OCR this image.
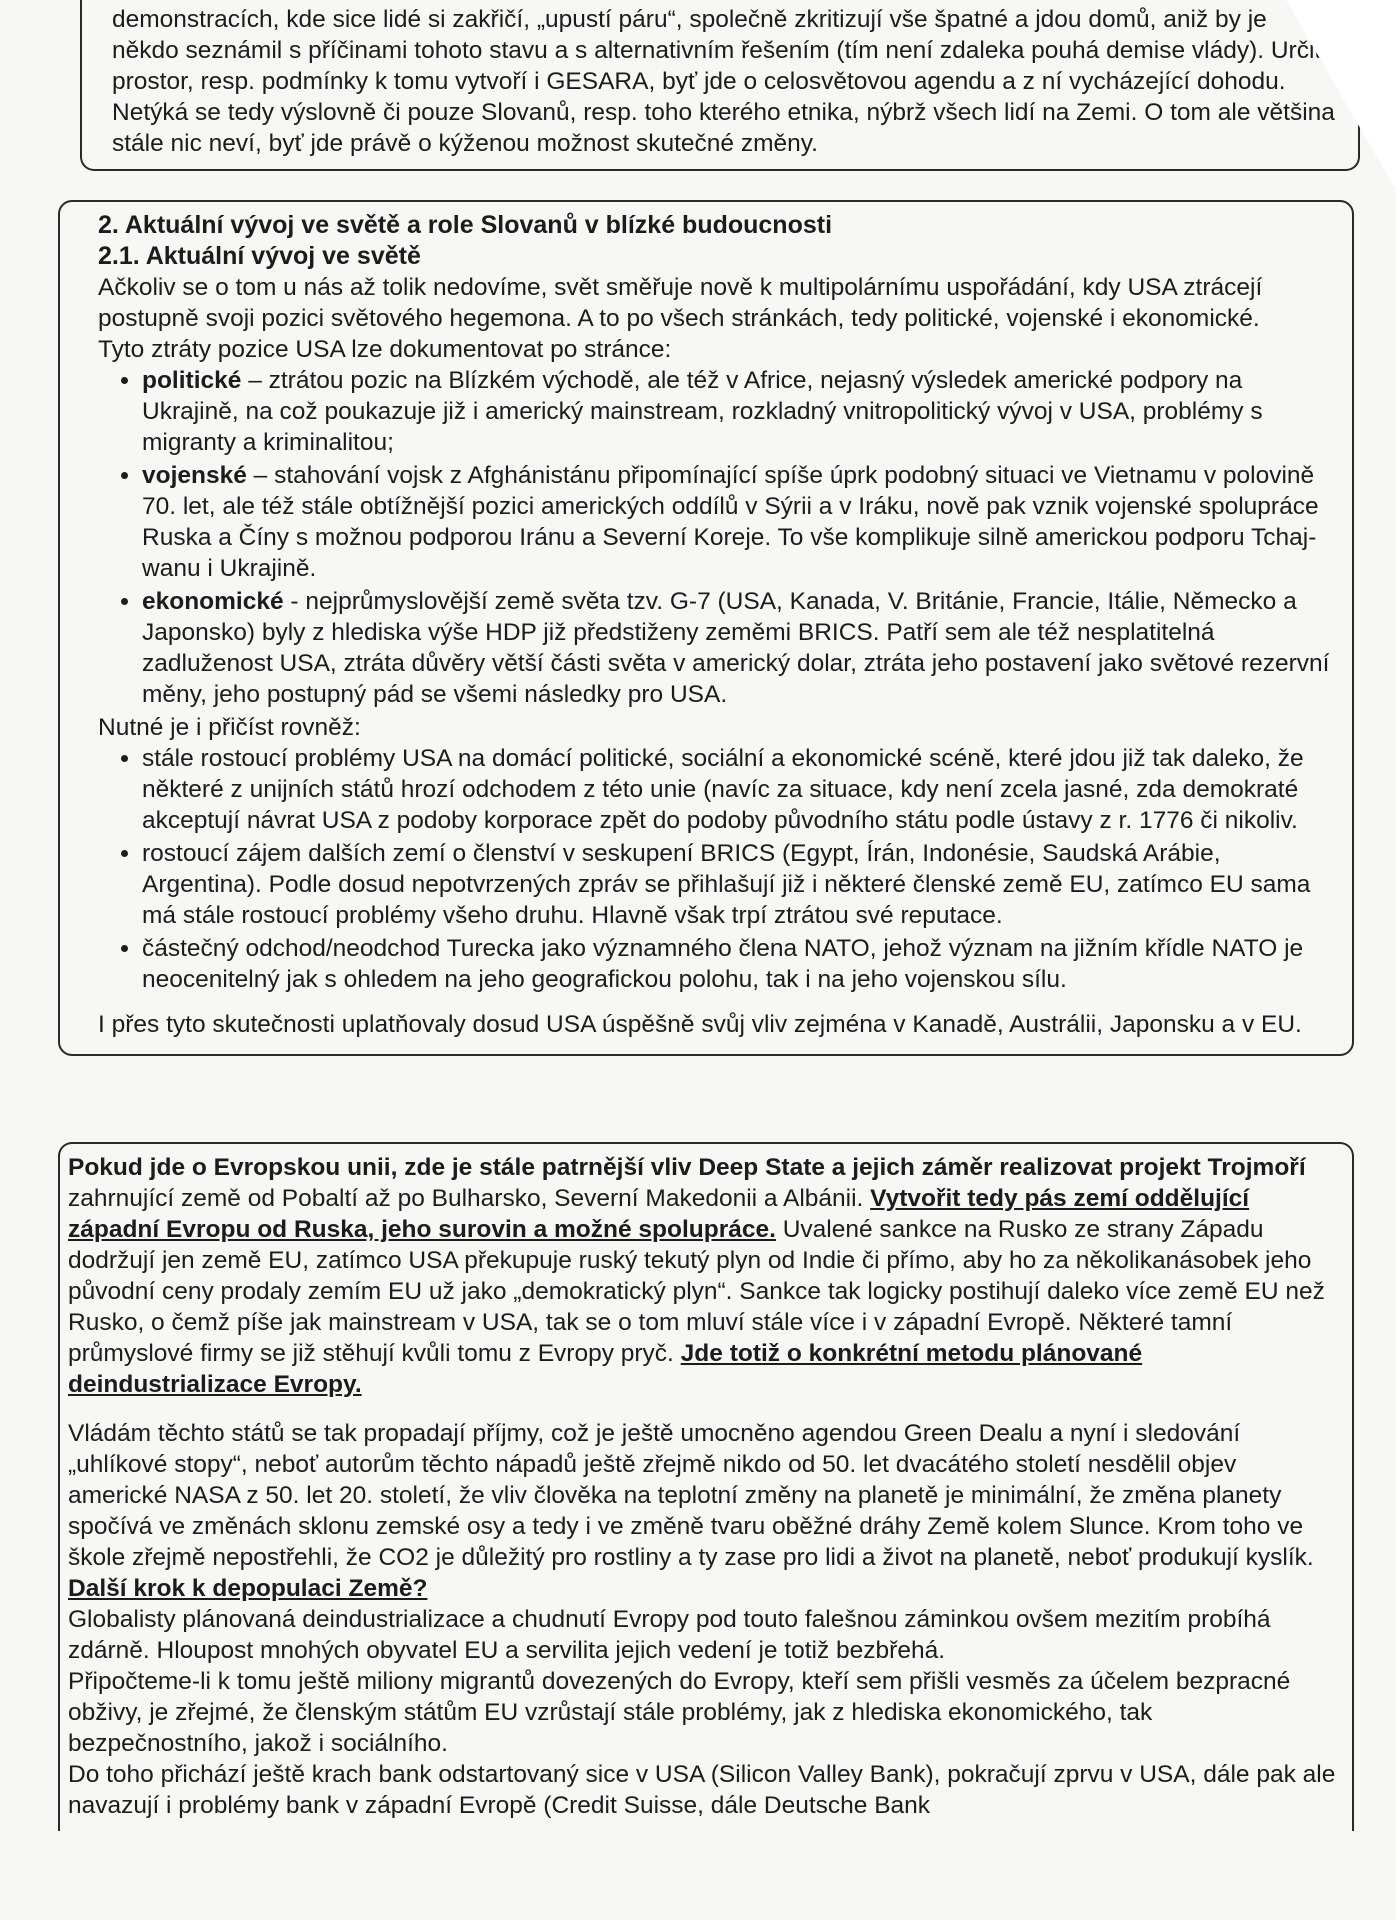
demonstracích, kde sice lidé si zakřičí, „upustí páru“, společně zkritizují vše špatné a jdou domů, aniž by je někdo seznámil s příčinami tohoto stavu a s alternativním řešením (tím není zdaleka pouhá demise vlády). Určitý prostor, resp. podmínky k tomu vytvoří i GESARA, byť jde o celosvětovou agendu a z ní vycházející dohodu. Netýká se tedy výslovně či pouze Slovanů, resp. toho kterého etnika, nýbrž všech lidí na Zemi. O tom ale většina stále nic neví, byť jde právě o kýženou možnost skutečné změny.

2. Aktuální vývoj ve světě a role Slovanů v blízké budoucnosti
2.1. Aktuální vývoj ve světě

Ačkoliv se o tom u nás až tolik nedovíme, svět směřuje nově k multipolárnímu uspořádání, kdy USA ztrácejí postupně svoji pozici světového hegemona. A to po všech stránkách, tedy politické, vojenské i ekonomické.

Tyto ztráty pozice USA lze dokumentovat po stránce:

• politické – ztrátou pozic na Blízkém východě, ale též v Africe, nejasný výsledek americké podpory na Ukrajině, na což poukazuje již i americký mainstream, rozkladný vnitropolitický vývoj v USA, problémy s migranty a kriminalitou;
• vojenské – stahování vojsk z Afghánistánu připomínající spíše úprk podobný situaci ve Vietnamu v polovině 70. let, ale též stále obtížnější pozici amerických oddílů v Sýrii a v Iráku, nově pak vznik vojenské spolupráce Ruska a Číny s možnou podporou Iránu a Severní Koreje. To vše komplikuje silně americkou podporu Tchaj-wanu i Ukrajině.
• ekonomické - nejprůmyslovější země světa tzv. G-7 (USA, Kanada, V. Británie, Francie, Itálie, Německo a Japonsko) byly z hlediska výše HDP již předstiženy zeměmi BRICS. Patří sem ale též nesplatitelná zadluženost USA, ztráta důvěry větší části světa v americký dolar, ztráta jeho postavení jako světové rezervní měny, jeho postupný pád se všemi následky pro USA.

Nutné je i přičíst rovněž:

• stále rostoucí problémy USA na domácí politické, sociální a ekonomické scéně, které jdou již tak daleko, že některé z unijních států hrozí odchodem z této unie (navíc za situace, kdy není zcela jasné, zda demokraté akceptují návrat USA z podoby korporace zpět do podoby původního státu podle ústavy z r. 1776 či nikoliv.
• rostoucí zájem dalších zemí o členství v seskupení BRICS (Egypt, Írán, Indonésie, Saudská Arábie, Argentina). Podle dosud nepotvrzených zpráv se přihlašují již i některé členské země EU, zatímco EU sama má stále rostoucí problémy všeho druhu. Hlavně však trpí ztrátou své reputace.
• částečný odchod/neodchod Turecka jako významného člena NATO, jehož význam na jižním křídle NATO je neocenitelný jak s ohledem na jeho geografickou polohu, tak i na jeho vojenskou sílu.

I přes tyto skutečnosti uplatňovaly dosud USA úspěšně svůj vliv zejména v Kanadě, Austrálii, Japonsku a v EU.

Pokud jde o Evropskou unii, zde je stále patrnější vliv Deep State a jejich záměr realizovat projekt Trojmoří zahrnující země od Pobaltí až po Bulharsko, Severní Makedonii a Albánii. Vytvořit tedy pás zemí oddělující západní Evropu od Ruska, jeho surovin a možné spolupráce. Uvalené sankce na Rusko ze strany Západu dodržují jen země EU, zatímco USA překupuje ruský tekutý plyn od Indie či přímo, aby ho za několikanásobek jeho původní ceny prodaly zemím EU už jako „demokratický plyn“. Sankce tak logicky postihují daleko více země EU než Rusko, o čemž píše jak mainstream v USA, tak se o tom mluví stále více i v západní Evropě. Některé tamní průmyslové firmy se již stěhují kvůli tomu z Evropy pryč. Jde totiž o konkrétní metodu plánované deindustrializace Evropy.

Vládám těchto států se tak propadají příjmy, což je ještě umocněno agendou Green Dealu a nyní i sledování „uhlíkové stopy“, neboť autorům těchto nápadů ještě zřejmě nikdo od 50. let dvacátého století nesdělil objev americké NASA z 50. let 20. století, že vliv člověka na teplotní změny na planetě je minimální, že změna planety spočívá ve změnách sklonu zemské osy a tedy i ve změně tvaru oběžné dráhy Země kolem Slunce. Krom toho ve škole zřejmě nepostřehli, že CO2 je důležitý pro rostliny a ty zase pro lidi a život na planetě, neboť produkují kyslík. Další krok k depopulaci Země?

Globalisty plánovaná deindustrializace a chudnutí Evropy pod touto falešnou záminkou ovšem mezitím probíhá zdárně. Hloupost mnohých obyvatel EU a servilita jejich vedení je totiž bezbřehá.

Připočteme-li k tomu ještě miliony migrantů dovezených do Evropy, kteří sem přišli vesměs za účelem bezpracné obživy, je zřejmé, že členským státům EU vzrůstají stále problémy, jak z hlediska ekonomického, tak bezpečnostního, jakož i sociálního.

Do toho přichází ještě krach bank odstartovaný sice v USA (Silicon Valley Bank), pokračují zprvu v USA, dále pak ale navazují i problémy bank v západní Evropě (Credit Suisse, dále Deutsche Bank
